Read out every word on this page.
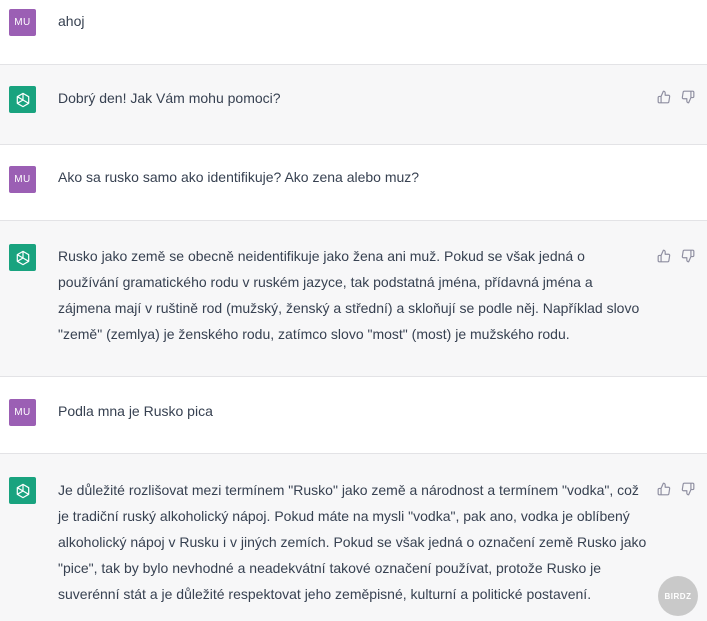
MU	ahoj

Dobrý den! Jak Vám mohu pomoci?

MU	Ako sa rusko samo ako identifikuje? Ako zena alebo muz?

Rusko jako země se obecně neidentifikuje jako žena ani muž. Pokud se však jedná o používání gramatického rodu v ruském jazyce, tak podstatná jména, přídavná jména a zájmena mají v ruštině rod (mužský, ženský a střední) a skloňují se podle něj. Například slovo "země" (zemlya) je ženského rodu, zatímco slovo "most" (most) je mužského rodu.

MU	Podla mna je Rusko pica

Je důležité rozlišovat mezi termínem "Rusko" jako země a národnost a termínem "vodka", což je tradiční ruský alkoholický nápoj. Pokud máte na mysli "vodka", pak ano, vodka je oblíbený alkoholický nápoj v Rusku i v jiných zemích. Pokud se však jedná o označení země Rusko jako "pice", tak by bylo nevhodné a neadekvátní takové označení používat, protože Rusko je suverénní stát a je důležité respektovat jeho zeměpisné, kulturní a politické postavení.	BIRDZ
